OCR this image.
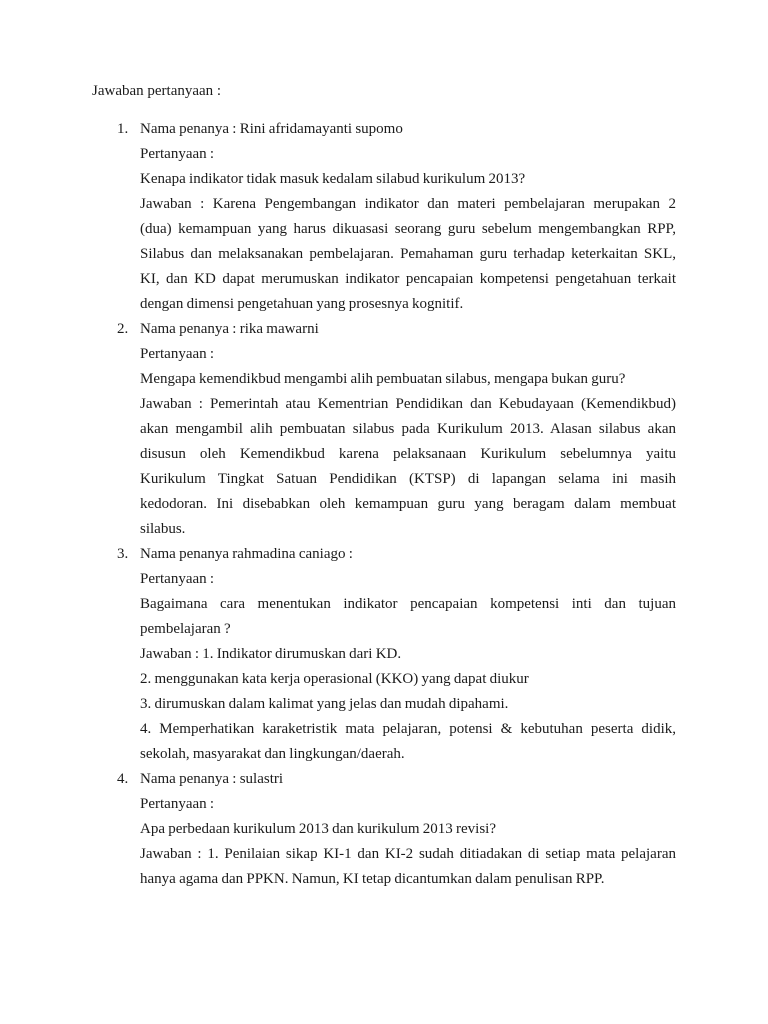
Jawaban pertanyaan :
1. Nama penanya : Rini afridamayanti supomo
Pertanyaan :
Kenapa indikator tidak masuk kedalam silabud kurikulum 2013?
Jawaban : Karena Pengembangan indikator dan materi pembelajaran merupakan 2
(dua) kemampuan yang harus dikuasasi seorang guru sebelum mengembangkan RPP,
Silabus dan melaksanakan pembelajaran. Pemahaman guru terhadap keterkaitan SKL,
KI, dan KD dapat merumuskan indikator pencapaian kompetensi pengetahuan terkait
dengan dimensi pengetahuan yang prosesnya kognitif.
2. Nama penanya : rika mawarni
Pertanyaan :
Mengapa kemendikbud mengambi alih pembuatan silabus, mengapa bukan guru?
Jawaban : Pemerintah atau Kementrian Pendidikan dan Kebudayaan (Kemendikbud)
akan mengambil alih pembuatan silabus pada Kurikulum 2013. Alasan silabus akan
disusun oleh Kemendikbud karena pelaksanaan Kurikulum sebelumnya yaitu
Kurikulum Tingkat Satuan Pendidikan (KTSP) di lapangan selama ini masih
kedodoran. Ini disebabkan oleh kemampuan guru yang beragam dalam membuat
silabus.
3. Nama penanya rahmadina caniago :
Pertanyaan :
Bagaimana cara menentukan indikator pencapaian kompetensi inti dan tujuan
pembelajaran ?
Jawaban : 1. Indikator dirumuskan dari KD.
2. menggunakan kata kerja operasional (KKO) yang dapat diukur
3. dirumuskan dalam kalimat yang jelas dan mudah dipahami.
4. Memperhatikan karaketristik mata pelajaran, potensi & kebutuhan peserta didik,
sekolah, masyarakat dan lingkungan/daerah.
4. Nama penanya : sulastri
Pertanyaan :
Apa perbedaan kurikulum 2013 dan kurikulum 2013 revisi?
Jawaban : 1. Penilaian sikap KI-1 dan KI-2 sudah ditiadakan di setiap mata pelajaran
hanya agama dan PPKN. Namun, KI tetap dicantumkan dalam penulisan RPP.
